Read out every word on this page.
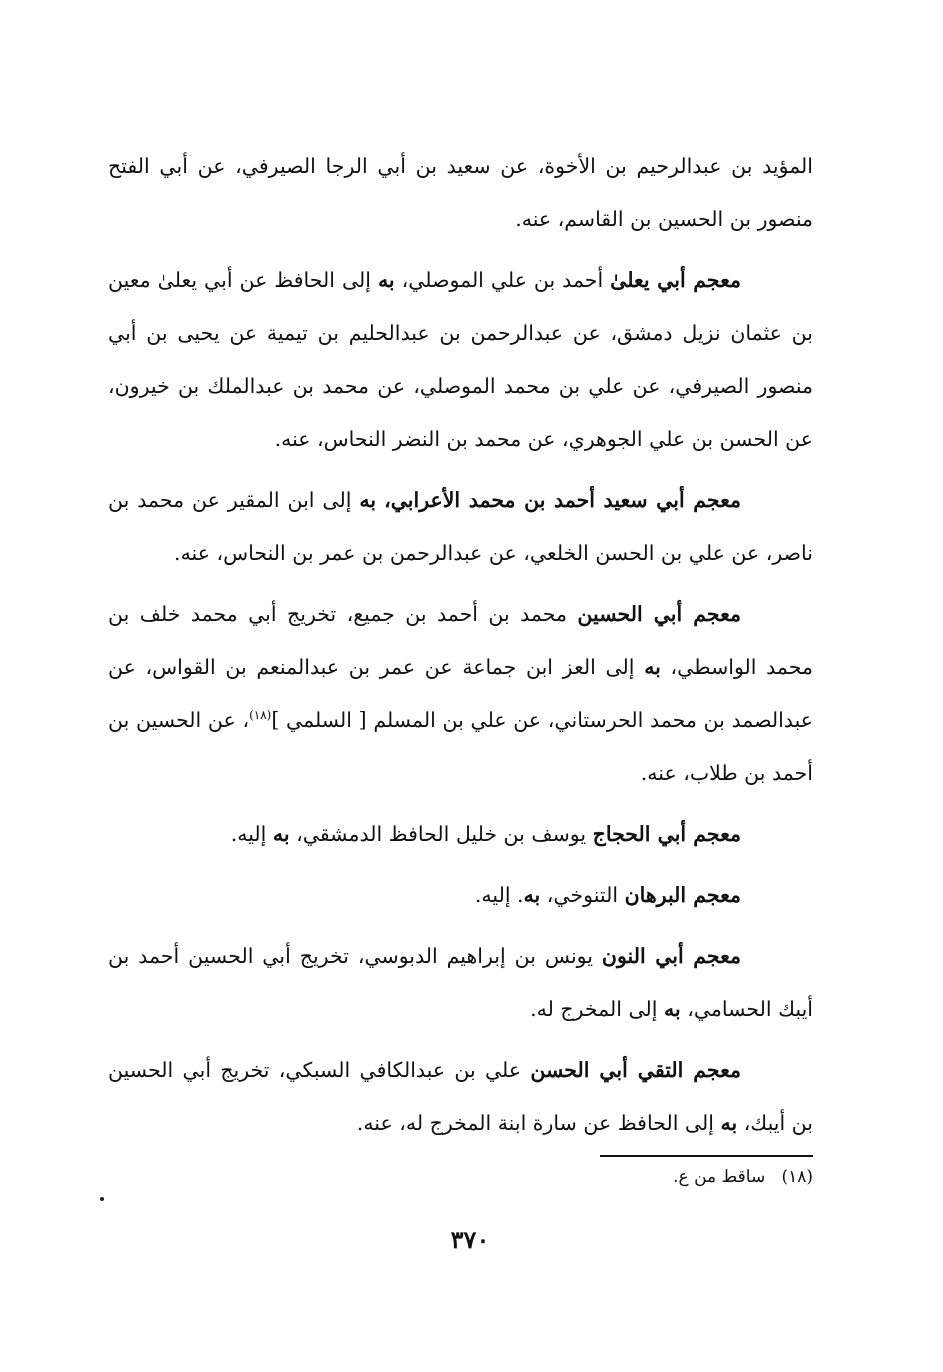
المؤيد بن عبدالرحيم بن الأخوة، عن سعيد بن أبي الرجا الصيرفي، عن أبي الفتح منصور بن الحسين بن القاسم، عنه.

معجم أبي يعلىٰ أحمد بن علي الموصلي، به إلى الحافظ عن أبي يعلىٰ معين بن عثمان نزيل دمشق، عن عبدالرحمن بن عبدالحليم بن تيمية عن يحيى بن أبي منصور الصيرفي، عن علي بن محمد الموصلي، عن محمد بن عبدالملك بن خيرون، عن الحسن بن علي الجوهري، عن محمد بن النضر النحاس، عنه.

معجم أبي سعيد أحمد بن محمد الأعرابي، به إلى ابن المقير عن محمد بن ناصر، عن علي بن الحسن الخلعي، عن عبدالرحمن بن عمر بن النحاس، عنه.

معجم أبي الحسين محمد بن أحمد بن جميع، تخريج أبي محمد خلف بن محمد الواسطي، به إلى العز ابن جماعة عن عمر بن عبدالمنعم بن القواس، عن عبدالصمد بن محمد الحرستاني، عن علي بن المسلم [ السلمي ]$^{(١٨)}$، عن الحسين بن أحمد بن طلاب، عنه.

معجم أبي الحجاج يوسف بن خليل الحافظ الدمشقي، به إليه.

معجم البرهان التنوخي، به. إليه.

معجم أبي النون يونس بن إبراهيم الدبوسي، تخريج أبي الحسين أحمد بن أيبك الحسامي، به إلى المخرج له.

معجم التقي أبي الحسن علي بن عبدالكافي السبكي، تخريج أبي الحسين بن أيبك، به إلى الحافظ عن سارة ابنة المخرج له، عنه.

(١٨)   ساقط من ع.
٣٧٠
